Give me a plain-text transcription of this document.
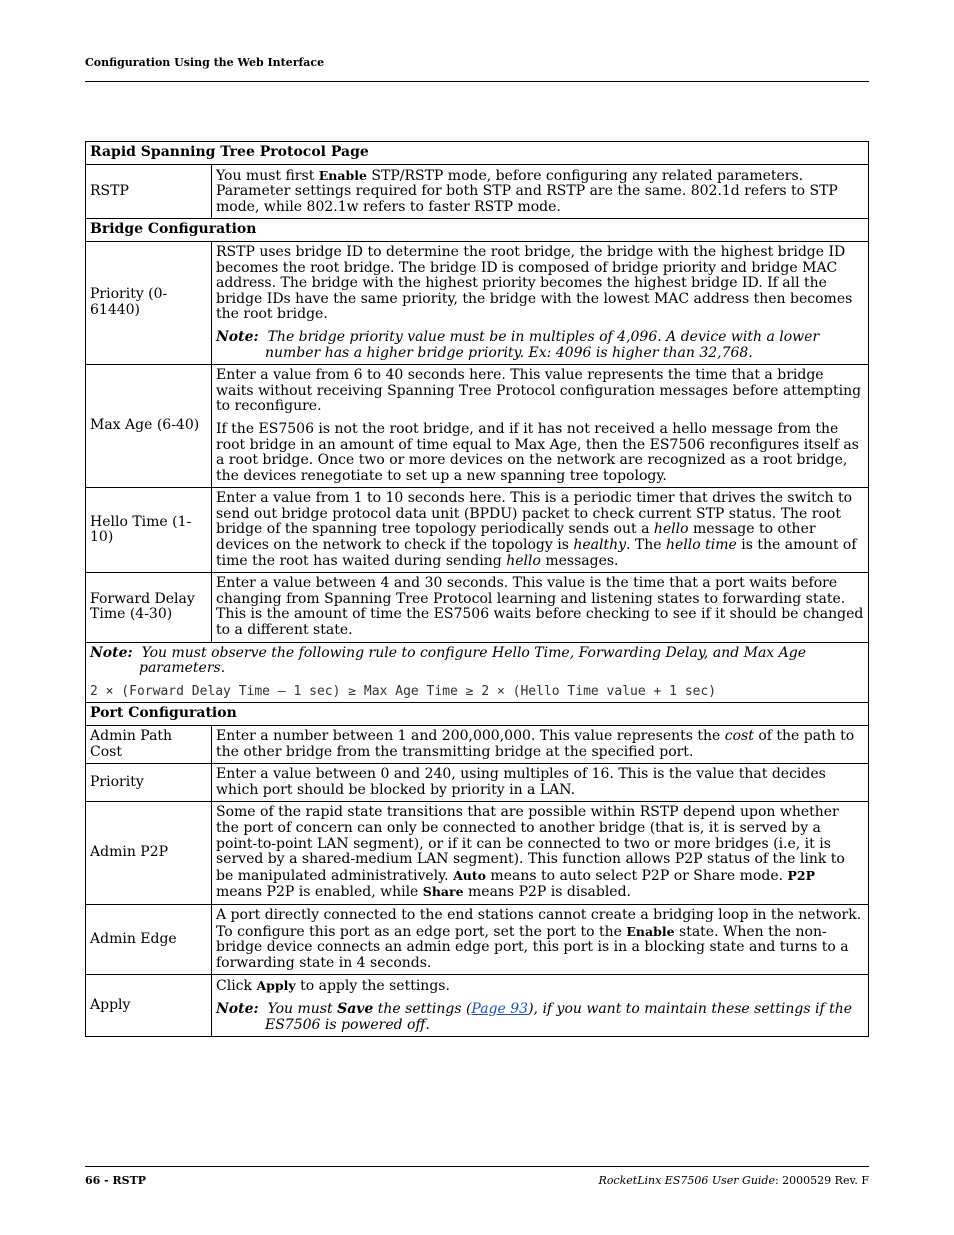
Configuration Using the Web Interface
Rapid Spanning Tree Protocol Page	
RSTP	You must first Enable STP/RSTP mode, before configuring any related parameters. Parameter settings required for both STP and RSTP are the same. 802.1d refers to STP mode, while 802.1w refers to faster RSTP mode.

Bridge Configuration	
Priority (0-61440)	RSTP uses bridge ID to determine the root bridge, the bridge with the highest bridge ID becomes the root bridge. The bridge ID is composed of bridge priority and bridge MAC address. The bridge with the highest priority becomes the highest bridge ID. If all the bridge IDs have the same priority, the bridge with the lowest MAC address then becomes the root bridge.

Note: The bridge priority value must be in multiples of 4,096. A device with a lower number has a higher bridge priority. Ex: 4096 is higher than 32,768.

Max Age (6-40)	Enter a value from 6 to 40 seconds here. This value represents the time that a bridge waits without receiving Spanning Tree Protocol configuration messages before attempting to reconfigure.

If the ES7506 is not the root bridge, and if it has not received a hello message from the root bridge in an amount of time equal to Max Age, then the ES7506 reconfigures itself as a root bridge. Once two or more devices on the network are recognized as a root bridge, the devices renegotiate to set up a new spanning tree topology.

Hello Time (1-10)	Enter a value from 1 to 10 seconds here. This is a periodic timer that drives the switch to send out bridge protocol data unit (BPDU) packet to check current STP status. The root bridge of the spanning tree topology periodically sends out a hello message to other devices on the network to check if the topology is healthy. The hello time is the amount of time the root has waited during sending hello messages.

Forward Delay Time (4-30)	Enter a value between 4 and 30 seconds. This value is the time that a port waits before changing from Spanning Tree Protocol learning and listening states to forwarding state. This is the amount of time the ES7506 waits before checking to see if it should be changed to a different state.

Note: You must observe the following rule to configure Hello Time, Forwarding Delay, and Max Age parameters.

2 × (Forward Delay Time – 1 sec) ≥ Max Age Time ≥ 2 × (Hello Time value + 1 sec)	

Port Configuration	
Admin Path Cost	Enter a number between 1 and 200,000,000. This value represents the cost of the path to the other bridge from the transmitting bridge at the specified port.

Priority	Enter a value between 0 and 240, using multiples of 16. This is the value that decides which port should be blocked by priority in a LAN.

Admin P2P	Some of the rapid state transitions that are possible within RSTP depend upon whether the port of concern can only be connected to another bridge (that is, it is served by a point-to-point LAN segment), or if it can be connected to two or more bridges (i.e, it is served by a shared-medium LAN segment). This function allows P2P status of the link to be manipulated administratively. Auto means to auto select P2P or Share mode. P2P means P2P is enabled, while Share means P2P is disabled.

Admin Edge	A port directly connected to the end stations cannot create a bridging loop in the network. To configure this port as an edge port, set the port to the Enable state. When the non-bridge device connects an admin edge port, this port is in a blocking state and turns to a forwarding state in 4 seconds.

Apply	Click Apply to apply the settings.

Note: You must Save the settings (Page 93), if you want to maintain these settings if the ES7506 is powered off.

66 - RSTP	RocketLinx ES7506 User Guide: 2000529 Rev. F
